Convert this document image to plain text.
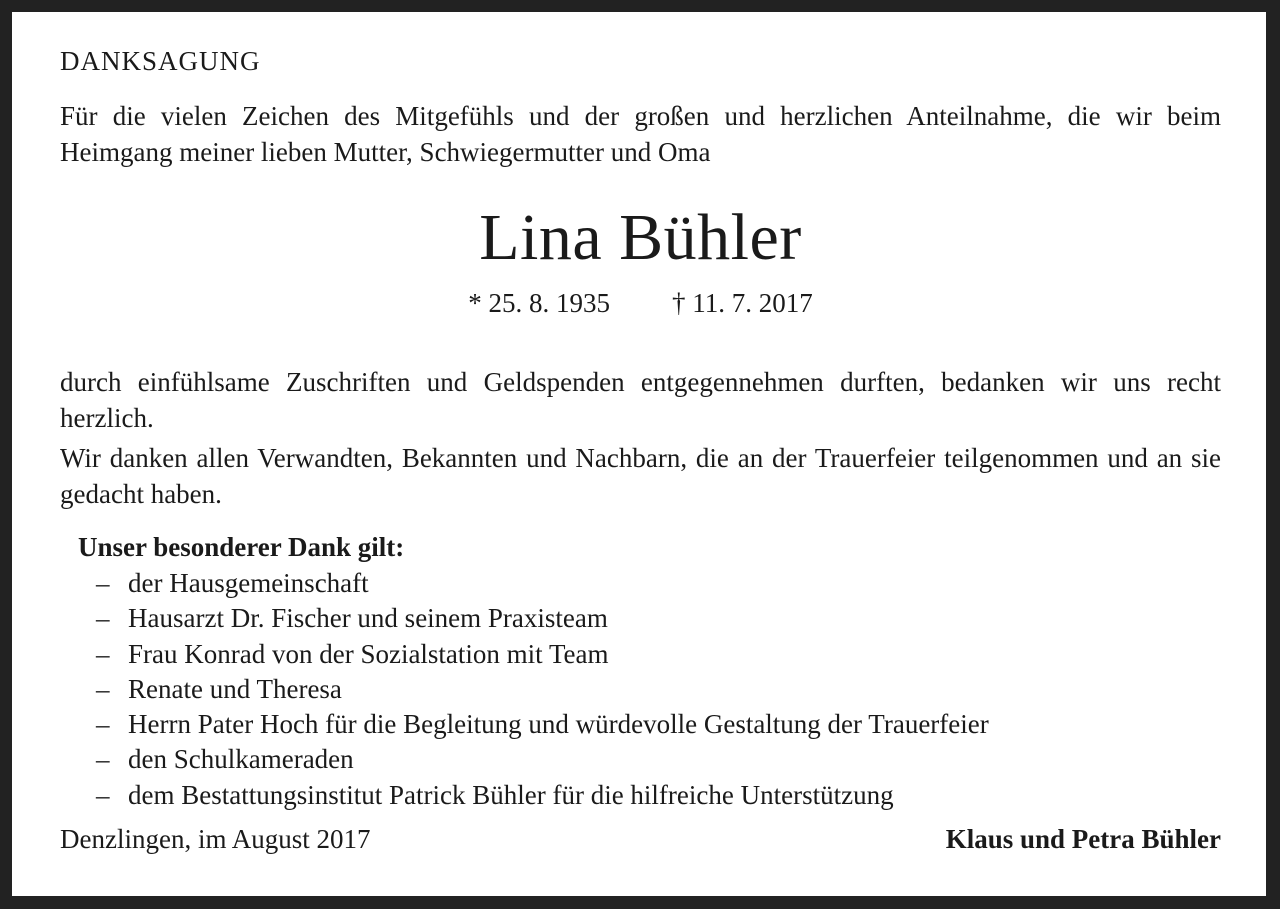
DANKSAGUNG

Für die vielen Zeichen des Mitgefühls und der großen und herzlichen Anteilnahme, die wir beim Heimgang meiner lieben Mutter, Schwiegermutter und Oma

Lina Bühler
* 25. 8. 1935 † 11. 7. 2017

durch einfühlsame Zuschriften und Geldspenden entgegennehmen durften, bedanken wir uns recht herzlich.

Wir danken allen Verwandten, Bekannten und Nachbarn, die an der Trauerfeier teilgenommen und an sie gedacht haben.

Unser besonderer Dank gilt:
– der Hausgemeinschaft
– Hausarzt Dr. Fischer und seinem Praxisteam
– Frau Konrad von der Sozialstation mit Team
– Renate und Theresa
– Herrn Pater Hoch für die Begleitung und würdevolle Gestaltung der Trauerfeier
– den Schulkameraden
– dem Bestattungsinstitut Patrick Bühler für die hilfreiche Unterstützung
Denzlingen, im August 2017	Klaus und Petra Bühler
